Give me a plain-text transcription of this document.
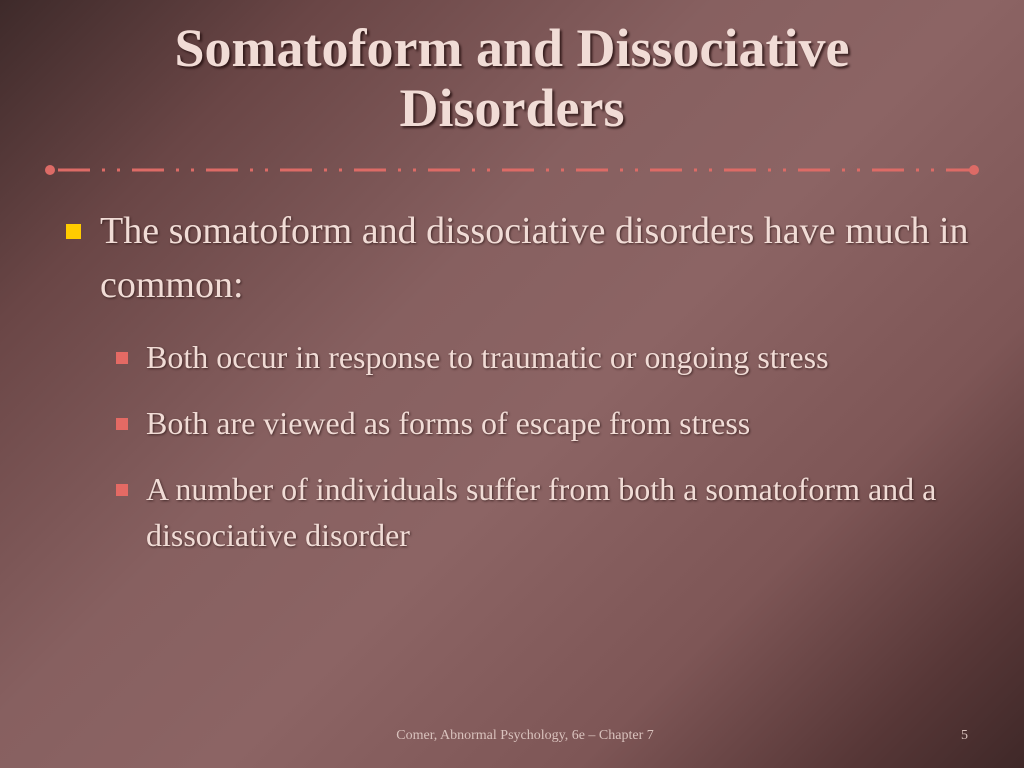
Somatoform and Dissociative
Disorders
The somatoform and dissociative disorders have much in common:
Both occur in response to traumatic or ongoing stress
Both are viewed as forms of escape from stress
A number of individuals suffer from both a somatoform and a dissociative disorder
Comer, Abnormal Psychology, 6e – Chapter 7	5
